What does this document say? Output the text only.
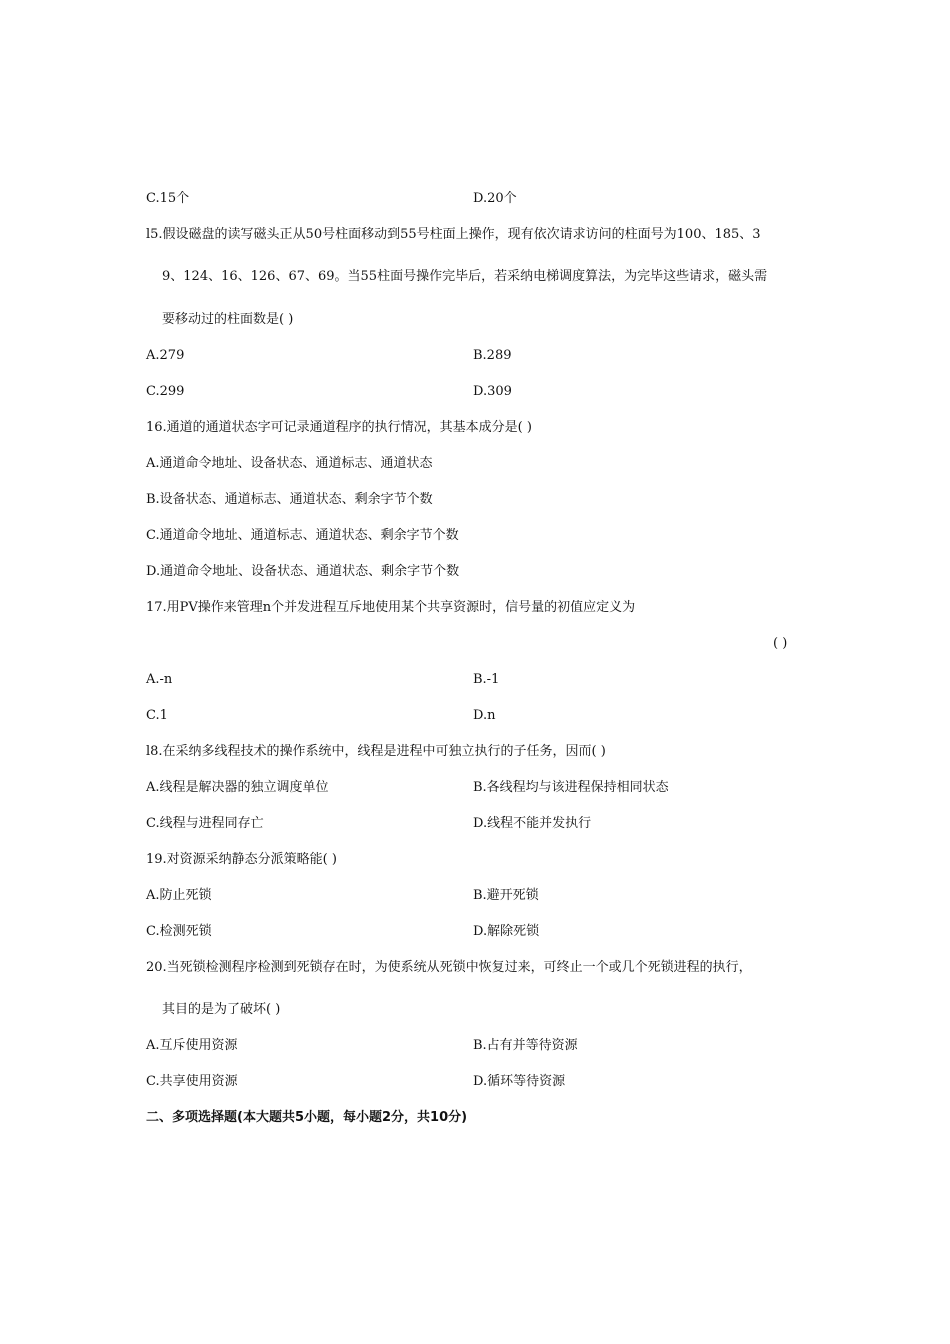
C.15个	D.20个
l5.假设磁盘的读写磁头正从50号柱面移动到55号柱面上操作，现有依次请求访问的柱面号为100、185、3
9、124、16、126、67、69。当55柱面号操作完毕后，若采纳电梯调度算法，为完毕这些请求，磁头需
要移动过的柱面数是( )
A.279	B.289
C.299	D.309
16.通道的通道状态字可记录通道程序的执行情况，其基本成分是( )
A.通道命令地址、设备状态、通道标志、通道状态
B.设备状态、通道标志、通道状态、剩余字节个数
C.通道命令地址、通道标志、通道状态、剩余字节个数
D.通道命令地址、设备状态、通道状态、剩余字节个数
17.用PV操作来管理n个并发进程互斥地使用某个共享资源时，信号量的初值应定义为
( )
A.-n	B.-1
C.1	D.n
l8.在采纳多线程技术的操作系统中，线程是进程中可独立执行的子任务，因而( )
A.线程是解决器的独立调度单位	B.各线程均与该进程保持相同状态
C.线程与进程同存亡	D.线程不能并发执行
19.对资源采纳静态分派策略能( )
A.防止死锁	B.避开死锁
C.检测死锁	D.解除死锁
20.当死锁检测程序检测到死锁存在时，为使系统从死锁中恢复过来，可终止一个或几个死锁进程的执行，
其目的是为了破坏( )
A.互斥使用资源	B.占有并等待资源
C.共享使用资源	D.循环等待资源
二、多项选择题(本大题共5小题，每小题2分，共10分)
